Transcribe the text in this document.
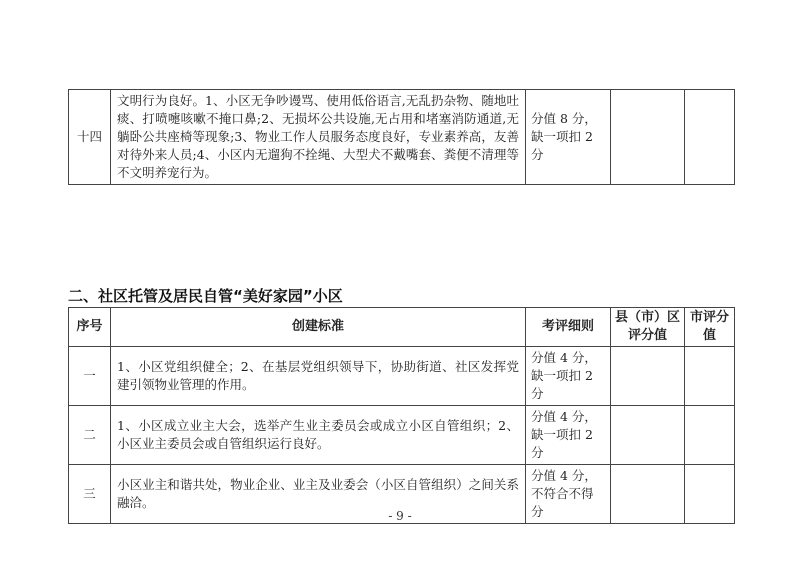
十四	文明行为良好。1、小区无争吵谩骂、使用低俗语言,无乱扔杂物、随地吐痰、打喷嚏咳嗽不掩口鼻;2、无损坏公共设施,无占用和堵塞消防通道,无躺卧公共座椅等现象;3、物业工作人员服务态度良好，专业素养高，友善对待外来人员;4、小区内无遛狗不拴绳、大型犬不戴嘴套、粪便不清理等不文明养宠行为。	分值 8 分，缺一项扣 2 分		
二、社区托管及居民自管“美好家园”小区
序号	创建标准	考评细则	县（市）区评分值	市评分值
一	1、小区党组织健全；2、在基层党组织领导下，协助街道、社区发挥党建引领物业管理的作用。	分值 4 分，缺一项扣 2 分		
二	1、小区成立业主大会，选举产生业主委员会或成立小区自管组织；2、小区业主委员会或自管组织运行良好。	分值 4 分，缺一项扣 2 分		
三	小区业主和谐共处，物业企业、业主及业委会（小区自管组织）之间关系融洽。	分值 4 分，不符合不得分		
- 9 -
